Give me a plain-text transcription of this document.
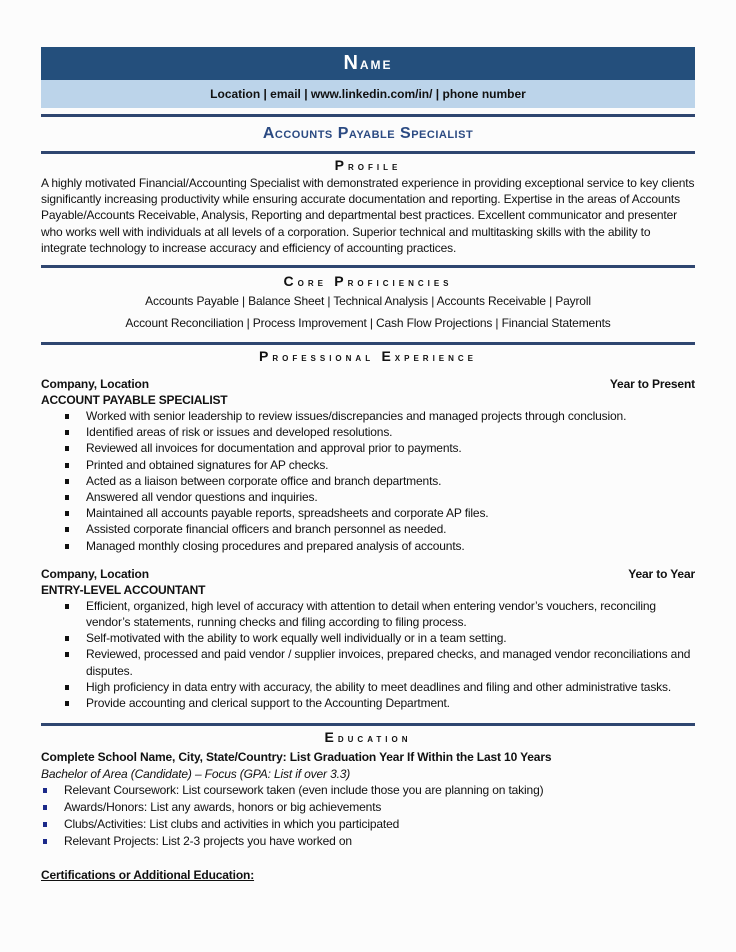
Name
Location | email | www.linkedin.com/in/ | phone number
Accounts Payable Specialist
Profile

A highly motivated Financial/Accounting Specialist with demonstrated experience in providing exceptional service to key clients significantly increasing productivity while ensuring accurate documentation and reporting. Expertise in the areas of Accounts Payable/Accounts Receivable, Analysis, Reporting and departmental best practices. Excellent communicator and presenter who works well with individuals at all levels of a corporation. Superior technical and multitasking skills with the ability to integrate technology to increase accuracy and efficiency of accounting practices.

Core Proficiencies
Accounts Payable | Balance Sheet | Technical Analysis | Accounts Receivable | Payroll
Account Reconciliation | Process Improvement | Cash Flow Projections | Financial Statements
Professional Experience
Company, Location	Year to Present
ACCOUNT PAYABLE SPECIALIST
Worked with senior leadership to review issues/discrepancies and managed projects through conclusion.
Identified areas of risk or issues and developed resolutions.
Reviewed all invoices for documentation and approval prior to payments.
Printed and obtained signatures for AP checks.
Acted as a liaison between corporate office and branch departments.
Answered all vendor questions and inquiries.
Maintained all accounts payable reports, spreadsheets and corporate AP files.
Assisted corporate financial officers and branch personnel as needed.
Managed monthly closing procedures and prepared analysis of accounts.
Company, Location	Year to Year
ENTRY-LEVEL ACCOUNTANT
Efficient, organized, high level of accuracy with attention to detail when entering vendor’s vouchers, reconciling vendor’s statements, running checks and filing according to filing process.
Self-motivated with the ability to work equally well individually or in a team setting.
Reviewed, processed and paid vendor / supplier invoices, prepared checks, and managed vendor reconciliations and disputes.
High proficiency in data entry with accuracy, the ability to meet deadlines and filing and other administrative tasks.
Provide accounting and clerical support to the Accounting Department.
Education
Complete School Name, City, State/Country: List Graduation Year If Within the Last 10 Years
Bachelor of Area (Candidate) – Focus (GPA: List if over 3.3)
Relevant Coursework: List coursework taken (even include those you are planning on taking)
Awards/Honors: List any awards, honors or big achievements
Clubs/Activities: List clubs and activities in which you participated
Relevant Projects: List 2-3 projects you have worked on
Certifications or Additional Education:
